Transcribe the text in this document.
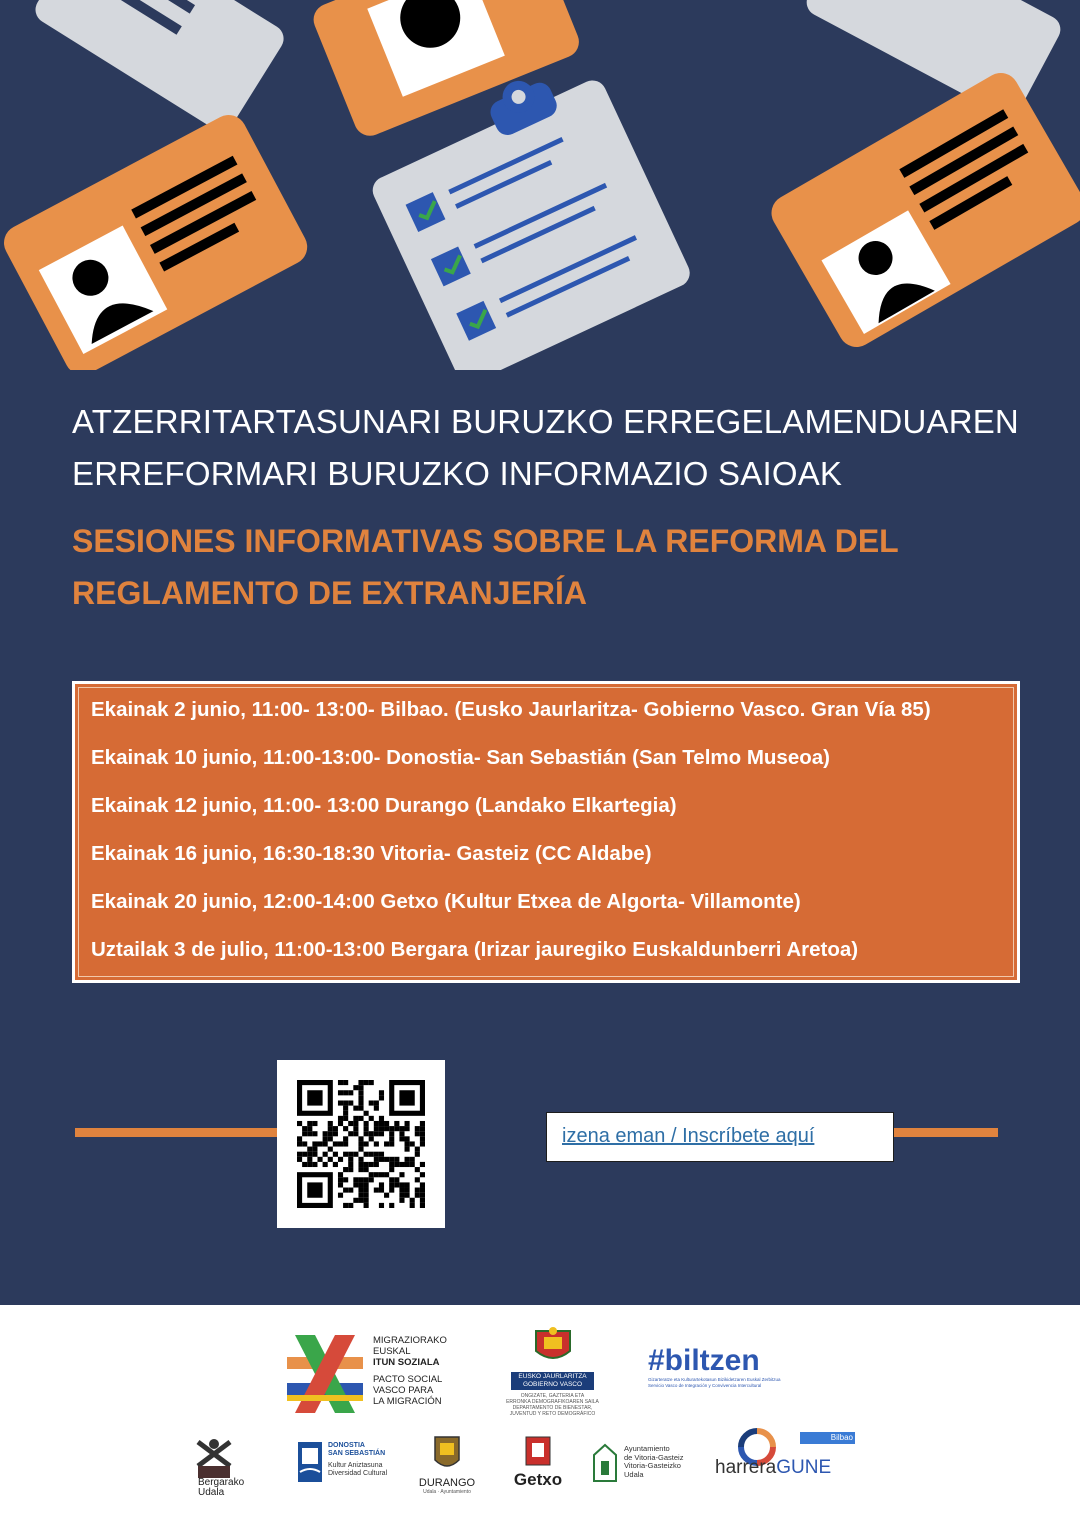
ATZERRITARTASUNARI BURUZKO ERREGELAMENDUAREN
ERREFORMARI BURUZKO INFORMAZIO SAIOAK
SESIONES INFORMATIVAS SOBRE LA REFORMA DEL
REGLAMENTO DE EXTRANJERÍA
Ekainak 2 junio, 11:00- 13:00- Bilbao. (Eusko Jaurlaritza- Gobierno Vasco. Gran Vía 85)
Ekainak 10 junio, 11:00-13:00- Donostia- San Sebastián (San Telmo Museoa)
Ekainak 12 junio, 11:00- 13:00 Durango (Landako Elkartegia)
Ekainak 16 junio, 16:30-18:30 Vitoria- Gasteiz (CC Aldabe)
Ekainak 20 junio, 12:00-14:00 Getxo (Kultur Etxea de Algorta- Villamonte)
Uztailak 3 de julio, 11:00-13:00 Bergara (Irizar jauregiko Euskaldunberri Aretoa)
izena eman / Inscríbete aquí
MIGRAZIORAKO
EUSKAL
ITUN SOZIALA
PACTO SOCIAL
VASCO PARA
LA MIGRACIÓN
EUSKO JAURLARITZA
GOBIERNO VASCO
ONGIZATE, GAZTERIA ETA
ERRONKA DEMOGRAFIKOAREN SAILA
DEPARTAMENTO DE BIENESTAR,
JUVENTUD Y RETO DEMOGRÁFICO
#biltzen
Gizarteratze eta Kulturartekotasun Bizikidetzaren Euskal Zerbitzua
Servicio Vasco de Integración y Convivencia Intercultural
Bergarako
Udala
DONOSTIA
SAN SEBASTIÁN
Kultur Aniztasuna
Diversidad Cultural
DURANGO
Udala · Ayuntamiento
Getxo
Ayuntamiento
de Vitoria-Gasteiz
Vitoria-Gasteizko
Udala
Bilbao
harreraGUNE
